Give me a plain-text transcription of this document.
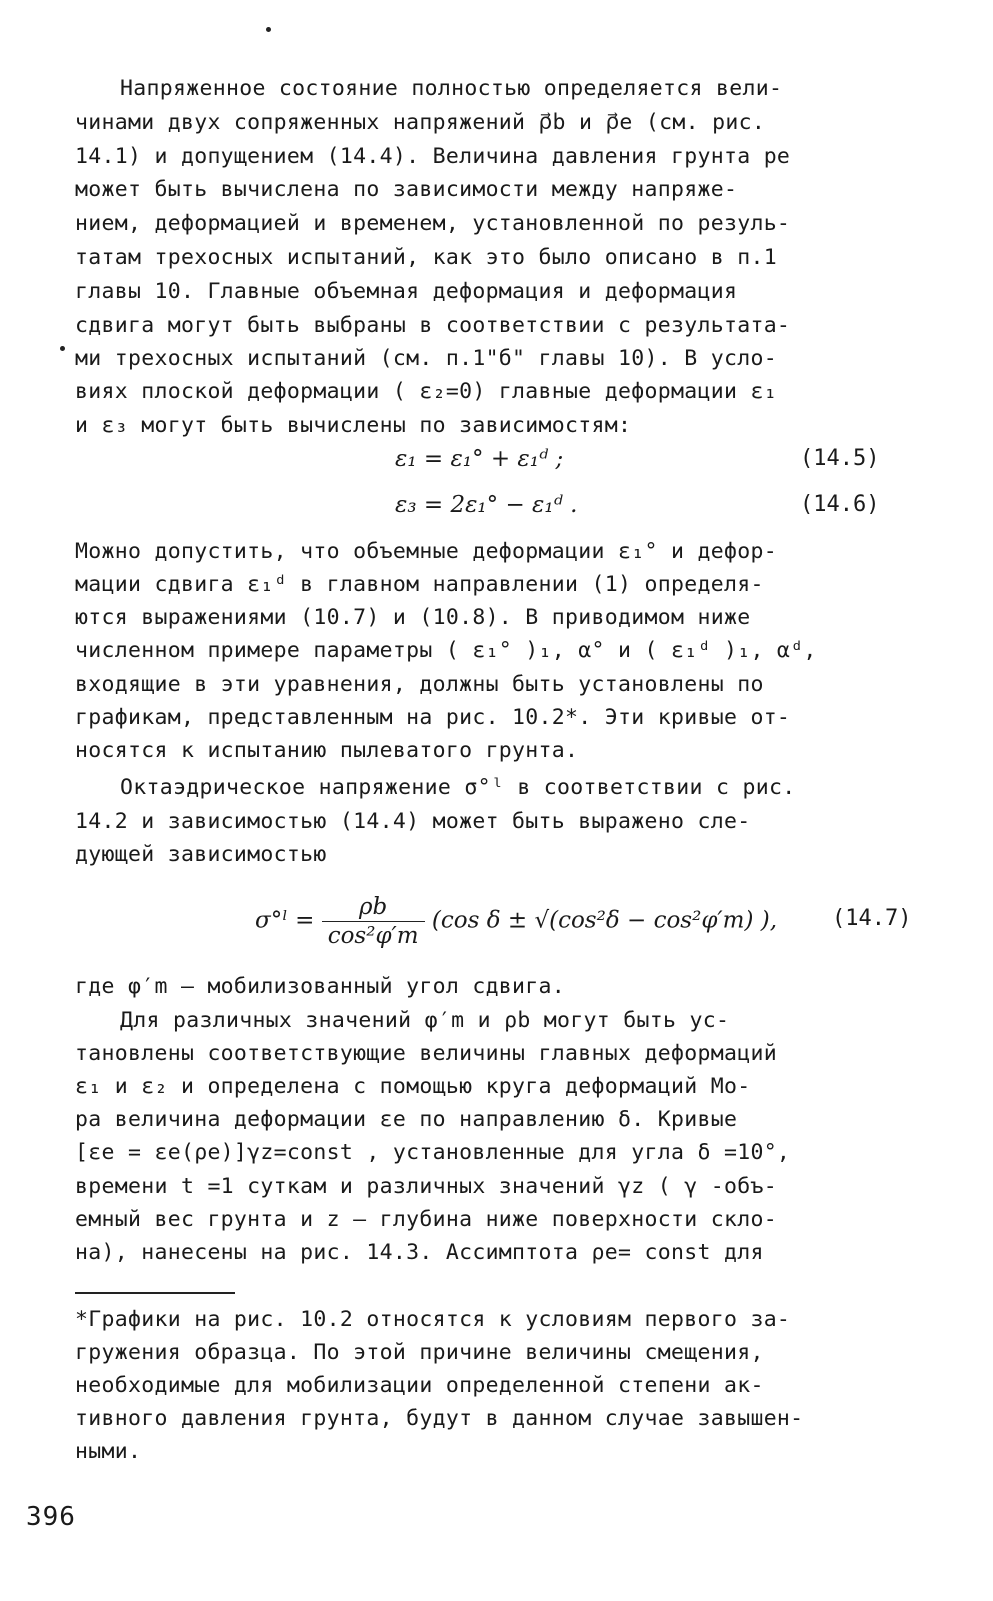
Напряженное состояние полностью определяется вели-
чинами двух сопряженных напряжений ρ⃗b и ρ⃗e (см. рис.
14.1) и допущением (14.4). Величина давления грунта pe
может быть вычислена по зависимости между напряже-
нием, деформацией и временем, установленной по резуль-
татам трехосных испытаний, как это было описано в п.1
главы 10. Главные объемная деформация и деформация
сдвига могут быть выбраны в соответствии с результата-
ми трехосных испытаний (см. п.1"б" главы 10). В усло-
виях плоской деформации ( ε₂=0) главные деформации ε₁
и ε₃ могут быть вычислены по зависимостям:
ε₁ = ε₁° + ε₁ᵈ ;	(14.5)
ε₃ = 2ε₁° − ε₁ᵈ .	(14.6)
Можно допустить, что объемные деформации ε₁° и дефор-
мации сдвига ε₁ᵈ в главном направлении (1) определя-
ются выражениями (10.7) и (10.8). В приводимом ниже
численном примере параметры ( ε₁° )₁, α° и ( ε₁ᵈ )₁, αᵈ,
входящие в эти уравнения, должны быть установлены по
графикам, представленным на рис. 10.2*. Эти кривые от-
носятся к испытанию пылеватого грунта.
Октаэдрическое напряжение σ°ˡ в соответствии с рис.
14.2 и зависимостью (14.4) может быть выражено сле-
дующей зависимостью
σ°ˡ = $\frac{\rho b}{\text{cos²φ′m}} (\cos$ δ ± √(cos²δ − cos²φ′m) ), (14.7)
где φ′m – мобилизованный угол сдвига.
Для различных значений φ′m и ρb могут быть ус-
тановлены соответствующие величины главных деформаций
ε₁ и ε₂ и определена с помощью круга деформаций Мо-
ра величина деформации εe по направлению δ. Кривые
[εe = εe(ρe)]γz=const , установленные для угла δ =10°,
времени t =1 суткам и различных значений γz ( γ -объ-
емный вес грунта и z – глубина ниже поверхности скло-
на), нанесены на рис. 14.3. Ассимптота ρe= const для
*Графики на рис. 10.2 относятся к условиям первого за-
гружения образца. По этой причине величины смещения,
необходимые для мобилизации определенной степени ак-
тивного давления грунта, будут в данном случае завышен-
ными.
396
